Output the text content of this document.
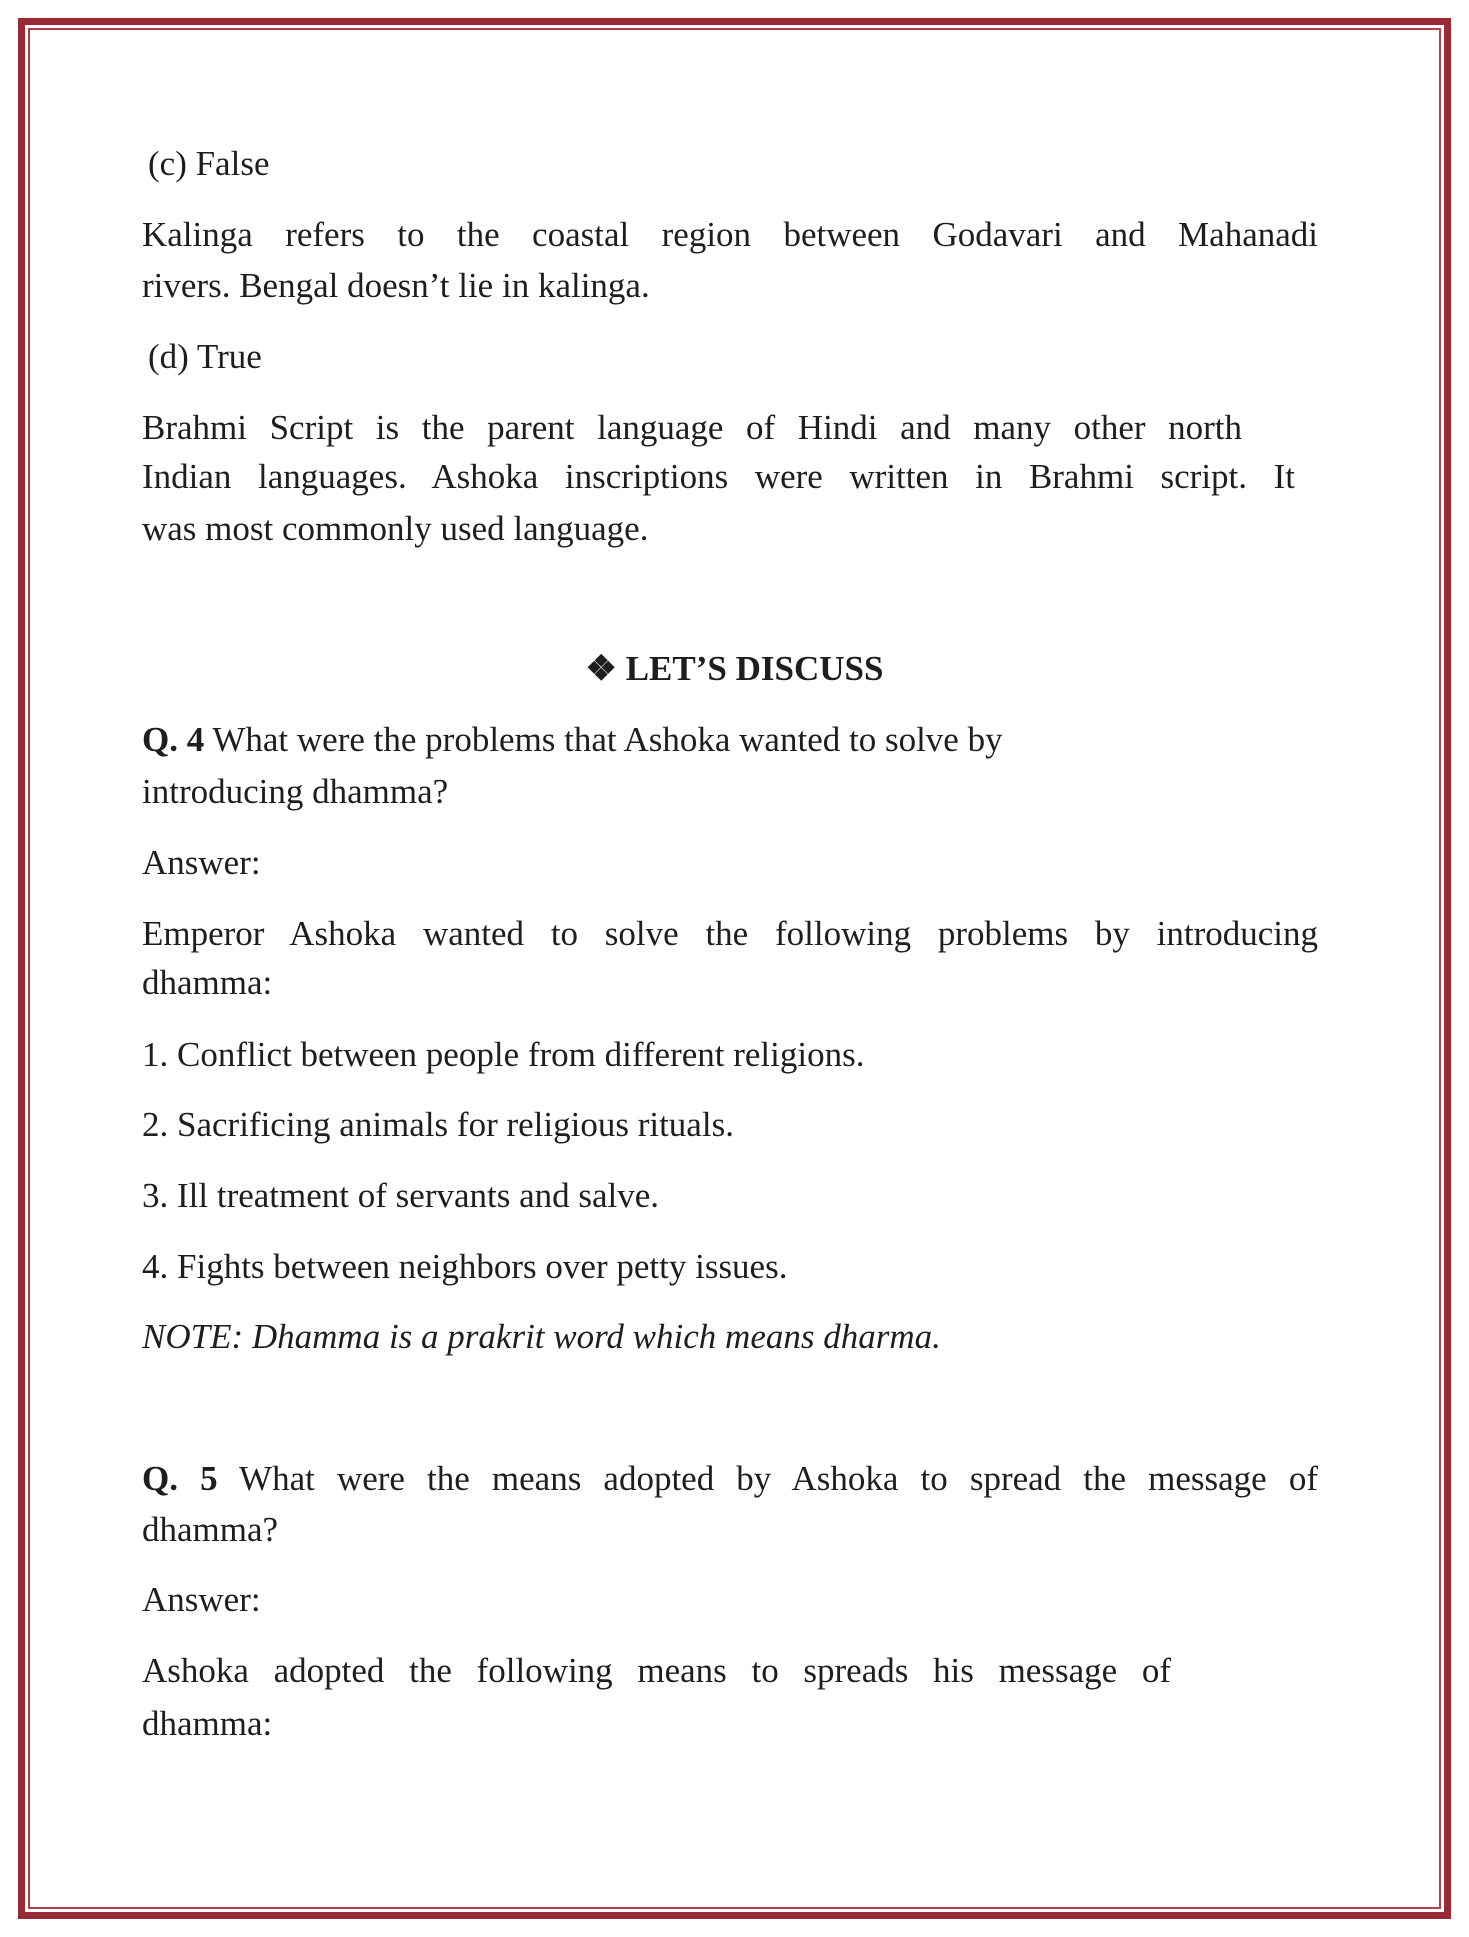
(c) False
Kalinga refers to the coastal region between Godavari and Mahanadi
rivers. Bengal doesn’t lie in kalinga.
(d) True
Brahmi Script is the parent language of Hindi and many other north
Indian languages. Ashoka inscriptions were written in Brahmi script. It
was most commonly used language.
❖ LET’S DISCUSS
Q. 4 What were the problems that Ashoka wanted to solve by
introducing dhamma?
Answer:
Emperor Ashoka wanted to solve the following problems by introducing
dhamma:
1. Conflict between people from different religions.
2. Sacrificing animals for religious rituals.
3. Ill treatment of servants and salve.
4. Fights between neighbors over petty issues.
NOTE: Dhamma is a prakrit word which means dharma.
Q. 5 What were the means adopted by Ashoka to spread the message of
dhamma?
Answer:
Ashoka adopted the following means to spreads his message of
dhamma:
